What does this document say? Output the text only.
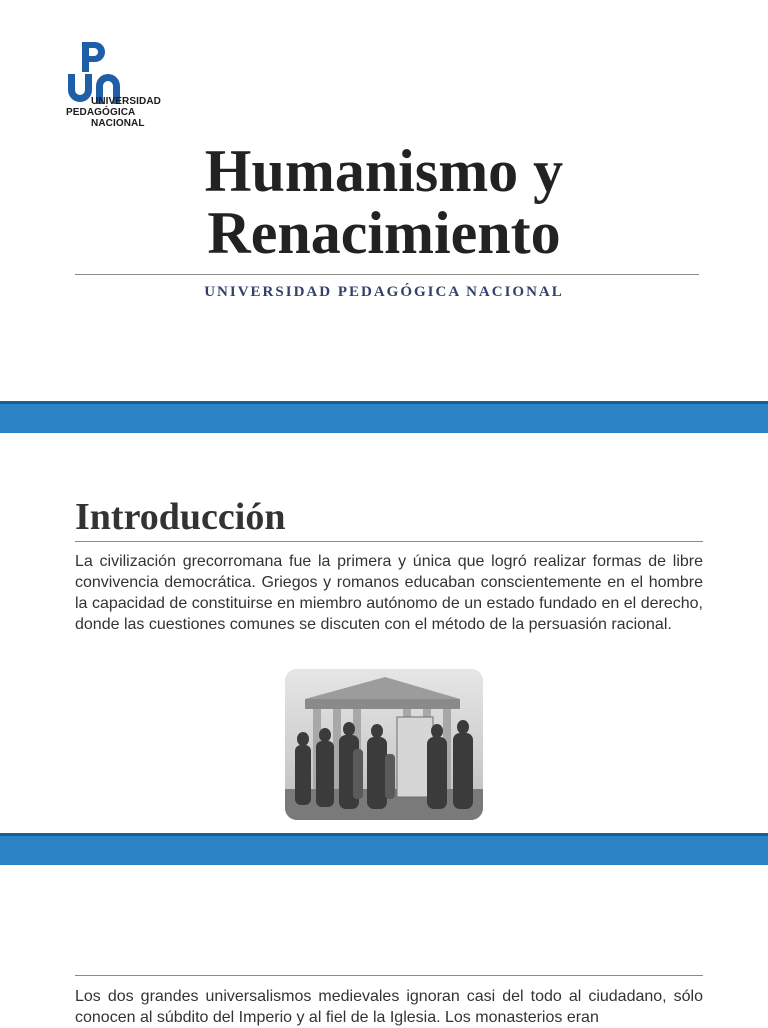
UNIVERSIDAD
PEDAGÓGICA
NACIONAL
Humanismo y
Renacimiento
UNIVERSIDAD PEDAGÓGICA NACIONAL
Introducción

La civilización grecorromana fue la primera y única que logró realizar formas de libre convivencia democrática. Griegos y romanos educaban conscientemente en el hombre la capacidad de constituirse en miembro autónomo de un estado fundado en el derecho, donde las cuestiones comunes se discuten con el método de la persuasión racional.

Los dos grandes universalismos medievales ignoran casi del todo al ciudadano, sólo conocen al súbdito del Imperio y al fiel de la Iglesia. Los monasterios eran
